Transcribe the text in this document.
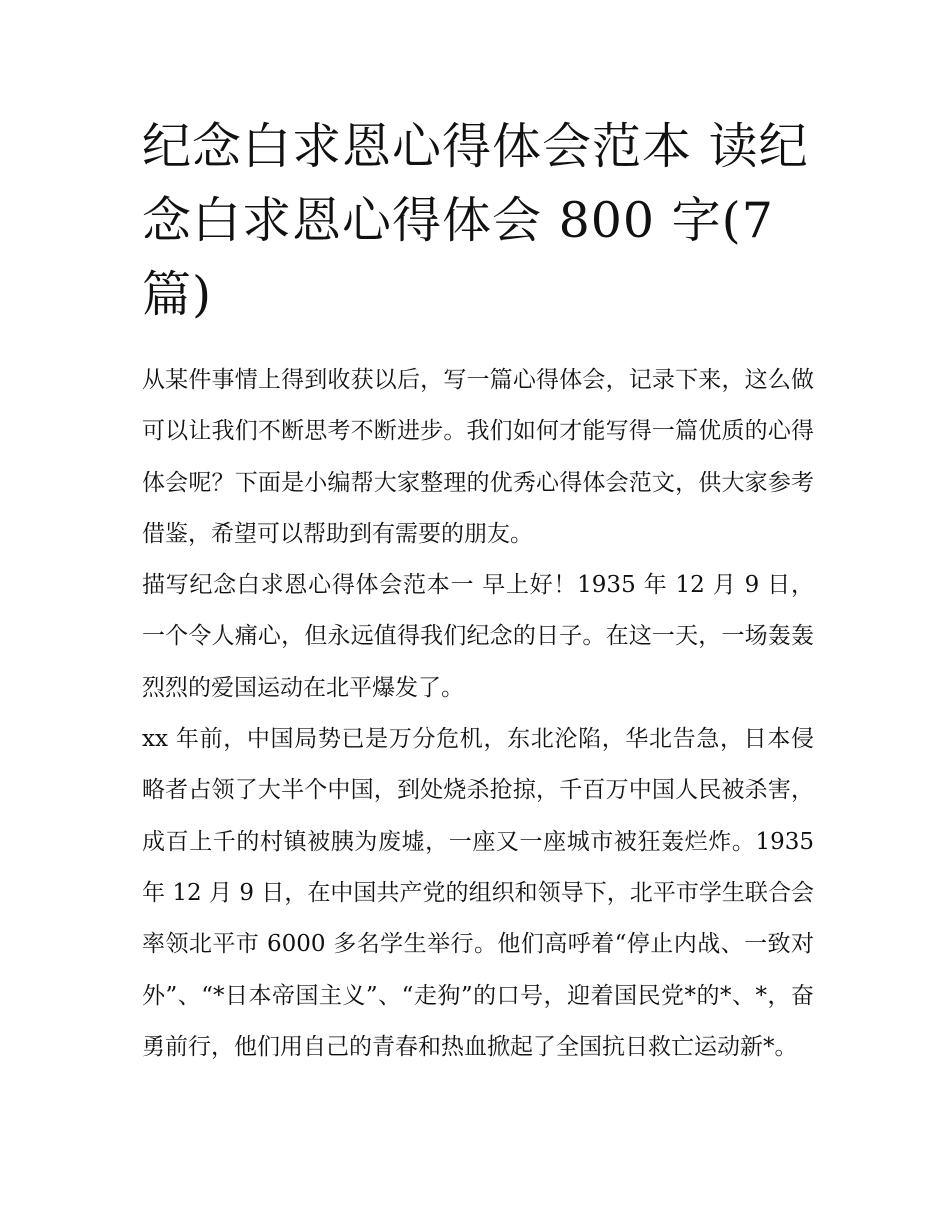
纪念白求恩心得体会范本 读纪
念白求恩心得体会 800 字(7
篇)

从某件事情上得到收获以后，写一篇心得体会，记录下来，这么做可以让我们不断思考不断进步。我们如何才能写得一篇优质的心得体会呢？下面是小编帮大家整理的优秀心得体会范文，供大家参考借鉴，希望可以帮助到有需要的朋友。

描写纪念白求恩心得体会范本一 早上好！1935 年 12 月 9 日，一个令人痛心，但永远值得我们纪念的日子。在这一天，一场轰轰烈烈的爱国运动在北平爆发了。

xx 年前，中国局势已是万分危机，东北沦陷，华北告急，日本侵略者占领了大半个中国，到处烧杀抢掠，千百万中国人民被杀害，成百上千的村镇被胰为废墟，一座又一座城市被狂轰烂炸。1935 年 12 月 9 日，在中国共产党的组织和领导下，北平市学生联合会率领北平市 6000 多名学生举行。他们高呼着“停止内战、一致对外”、“*日本帝国主义”、“走狗”的口号，迎着国民党*的*、*，奋勇前行，他们用自己的青春和热血掀起了全国抗日救亡运动新*。
